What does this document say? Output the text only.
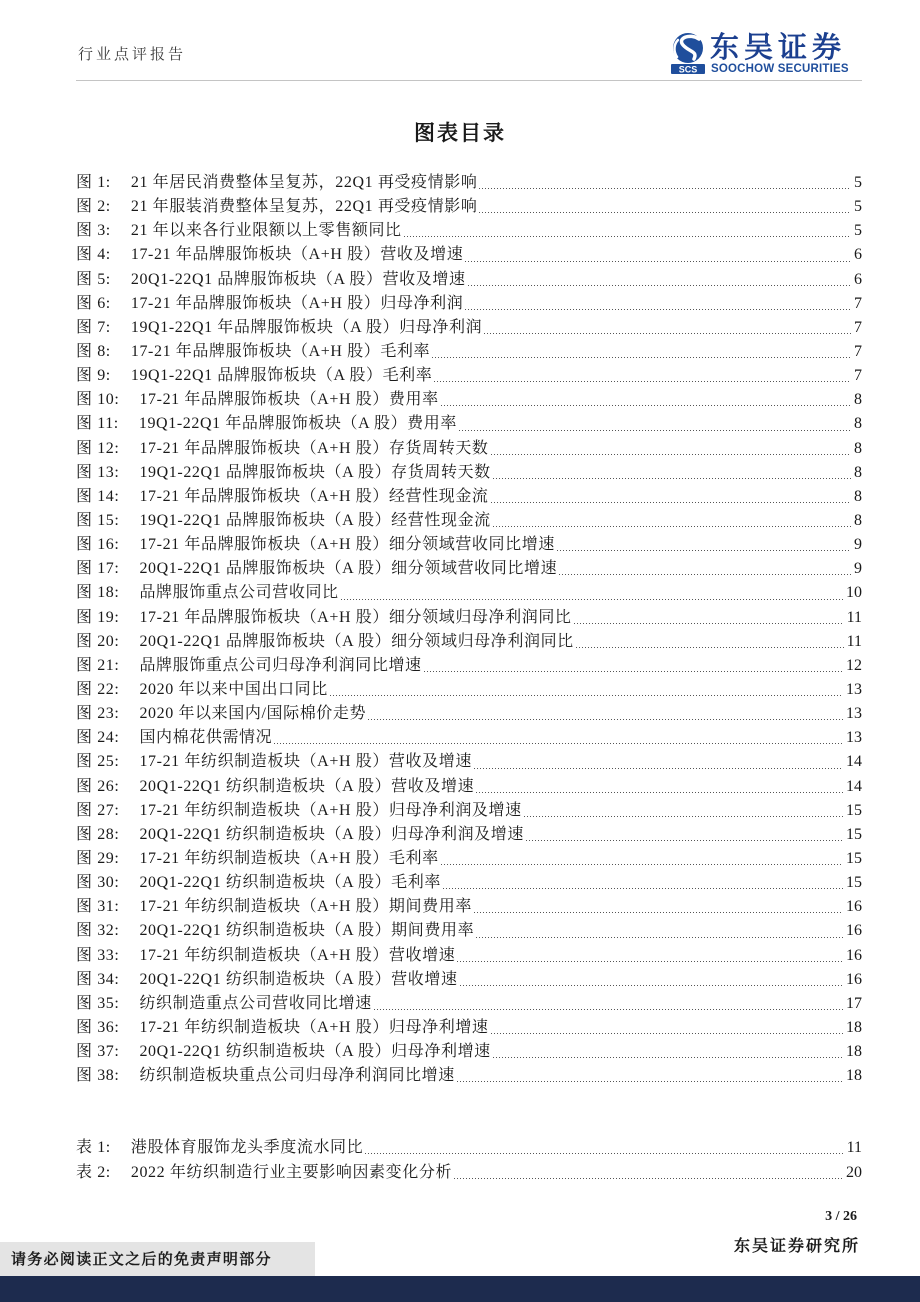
行业点评报告
SCS
东吴证券
SOOCHOW SECURITIES
图表目录
图 1: 21 年居民消费整体呈复苏，22Q1 再受疫情影响	5
图 2: 21 年服装消费整体呈复苏，22Q1 再受疫情影响	5
图 3: 21 年以来各行业限额以上零售额同比	5
图 4: 17-21 年品牌服饰板块（A+H 股）营收及增速	6
图 5: 20Q1-22Q1 品牌服饰板块（A 股）营收及增速	6
图 6: 17-21 年品牌服饰板块（A+H 股）归母净利润	7
图 7: 19Q1-22Q1 年品牌服饰板块（A 股）归母净利润	7
图 8: 17-21 年品牌服饰板块（A+H 股）毛利率	7
图 9: 19Q1-22Q1 品牌服饰板块（A 股）毛利率	7
图 10: 17-21 年品牌服饰板块（A+H 股）费用率	8
图 11: 19Q1-22Q1 年品牌服饰板块（A 股）费用率	8
图 12: 17-21 年品牌服饰板块（A+H 股）存货周转天数	8
图 13: 19Q1-22Q1 品牌服饰板块（A 股）存货周转天数	8
图 14: 17-21 年品牌服饰板块（A+H 股）经营性现金流	8
图 15: 19Q1-22Q1 品牌服饰板块（A 股）经营性现金流	8
图 16: 17-21 年品牌服饰板块（A+H 股）细分领域营收同比增速	9
图 17: 20Q1-22Q1 品牌服饰板块（A 股）细分领域营收同比增速	9
图 18: 品牌服饰重点公司营收同比	10
图 19: 17-21 年品牌服饰板块（A+H 股）细分领域归母净利润同比	11
图 20: 20Q1-22Q1 品牌服饰板块（A 股）细分领域归母净利润同比	11
图 21: 品牌服饰重点公司归母净利润同比增速	12
图 22: 2020 年以来中国出口同比	13
图 23: 2020 年以来国内/国际棉价走势	13
图 24: 国内棉花供需情况	13
图 25: 17-21 年纺织制造板块（A+H 股）营收及增速	14
图 26: 20Q1-22Q1 纺织制造板块（A 股）营收及增速	14
图 27: 17-21 年纺织制造板块（A+H 股）归母净利润及增速	15
图 28: 20Q1-22Q1 纺织制造板块（A 股）归母净利润及增速	15
图 29: 17-21 年纺织制造板块（A+H 股）毛利率	15
图 30: 20Q1-22Q1 纺织制造板块（A 股）毛利率	15
图 31: 17-21 年纺织制造板块（A+H 股）期间费用率	16
图 32: 20Q1-22Q1 纺织制造板块（A 股）期间费用率	16
图 33: 17-21 年纺织制造板块（A+H 股）营收增速	16
图 34: 20Q1-22Q1 纺织制造板块（A 股）营收增速	16
图 35: 纺织制造重点公司营收同比增速	17
图 36: 17-21 年纺织制造板块（A+H 股）归母净利增速	18
图 37: 20Q1-22Q1 纺织制造板块（A 股）归母净利增速	18
图 38: 纺织制造板块重点公司归母净利润同比增速	18
表 1: 港股体育服饰龙头季度流水同比	11
表 2: 2022 年纺织制造行业主要影响因素变化分析	20
3 / 26
东吴证券研究所
请务必阅读正文之后的免责声明部分
